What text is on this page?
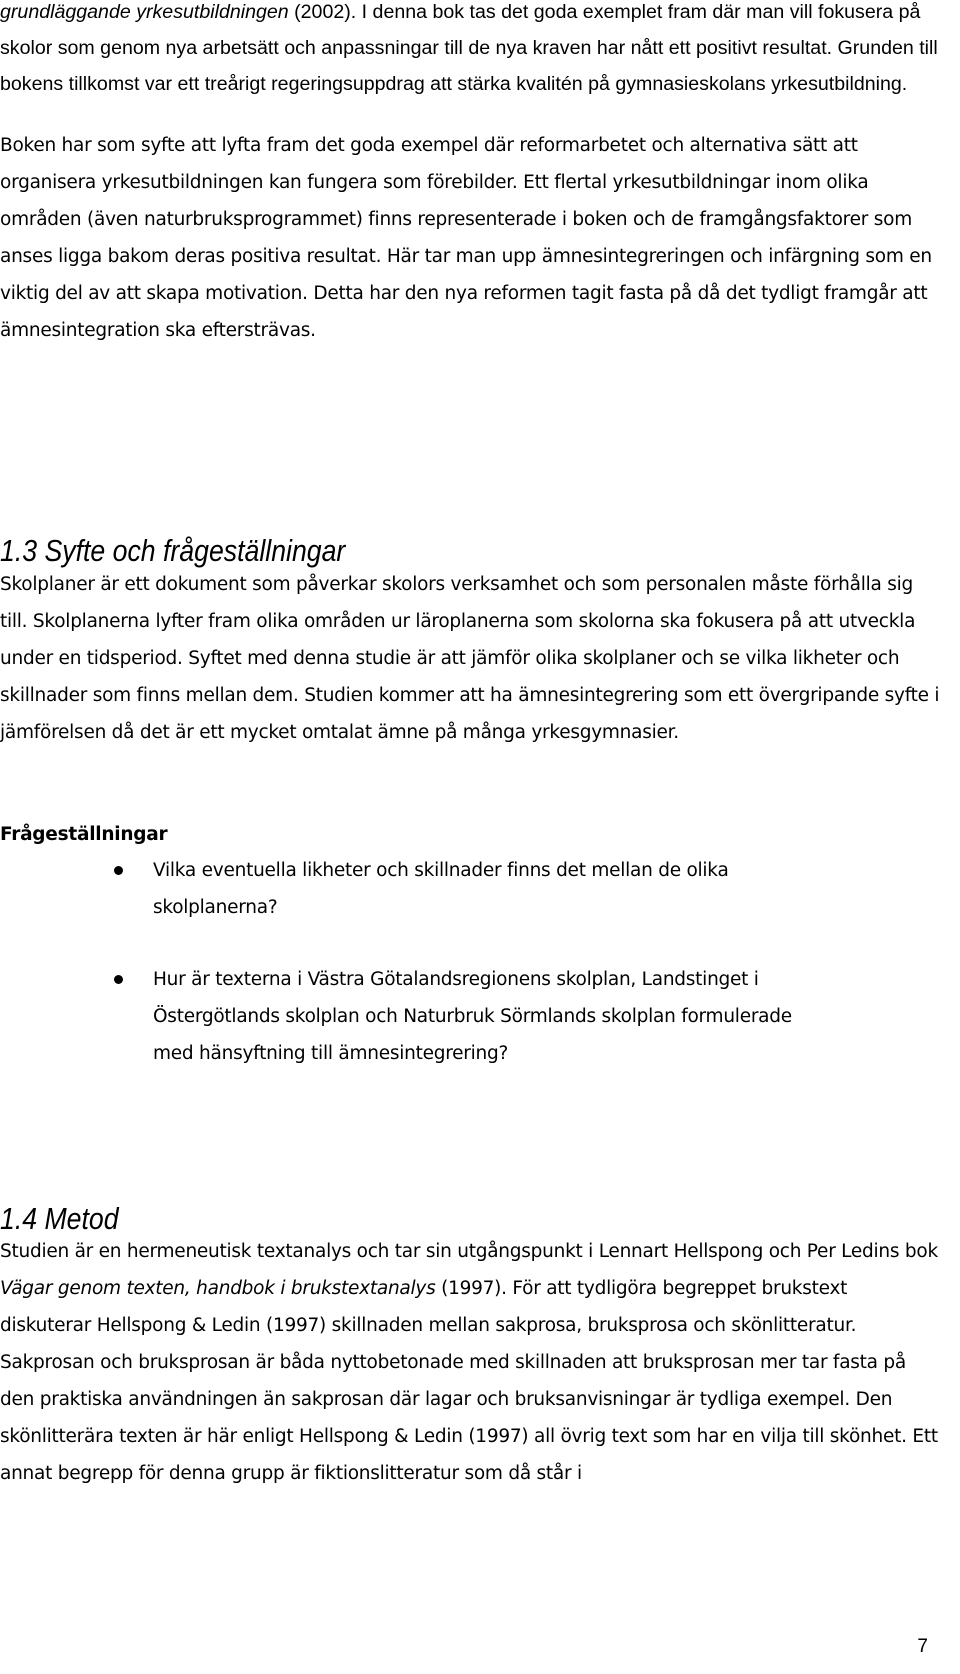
grundläggande yrkesutbildningen (2002). I denna bok tas det goda exemplet fram där man vill fokusera på skolor som genom nya arbetsätt och anpassningar till de nya kraven har nått ett positivt resultat. Grunden till bokens tillkomst var ett treårigt regeringsuppdrag att stärka kvalitén på gymnasieskolans yrkesutbildning.

Boken har som syfte att lyfta fram det goda exempel där reformarbetet och alternativa sätt att organisera yrkesutbildningen kan fungera som förebilder. Ett flertal yrkesutbildningar inom olika områden (även naturbruksprogrammet) finns representerade i boken och de framgångsfaktorer som anses ligga bakom deras positiva resultat. Här tar man upp ämnesintegreringen och infärgning som en viktig del av att skapa motivation. Detta har den nya reformen tagit fasta på då det tydligt framgår att ämnesintegration ska eftersträvas.

1.3 Syfte och frågeställningar

Skolplaner är ett dokument som påverkar skolors verksamhet och som personalen måste förhålla sig till. Skolplanerna lyfter fram olika områden ur läroplanerna som skolorna ska fokusera på att utveckla under en tidsperiod. Syftet med denna studie är att jämför olika skolplaner och se vilka likheter och skillnader som finns mellan dem. Studien kommer att ha ämnesintegrering som ett övergripande syfte i jämförelsen då det är ett mycket omtalat ämne på många yrkesgymnasier.

Frågeställningar
Vilka eventuella likheter och skillnader finns det mellan de olika skolplanerna?
Hur är texterna i Västra Götalandsregionens skolplan, Landstinget i Östergötlands skolplan och Naturbruk Sörmlands skolplan formulerade med hänsyftning till ämnesintegrering?
1.4 Metod

Studien är en hermeneutisk textanalys och tar sin utgångspunkt i Lennart Hellspong och Per Ledins bok Vägar genom texten, handbok i brukstextanalys (1997). För att tydligöra begreppet brukstext diskuterar Hellspong & Ledin (1997) skillnaden mellan sakprosa, bruksprosa och skönlitteratur. Sakprosan och bruksprosan är båda nyttobetonade med skillnaden att bruksprosan mer tar fasta på den praktiska användningen än sakprosan där lagar och bruksanvisningar är tydliga exempel. Den skönlitterära texten är här enligt Hellspong & Ledin (1997) all övrig text som har en vilja till skönhet. Ett annat begrepp för denna grupp är fiktionslitteratur som då står i

7
